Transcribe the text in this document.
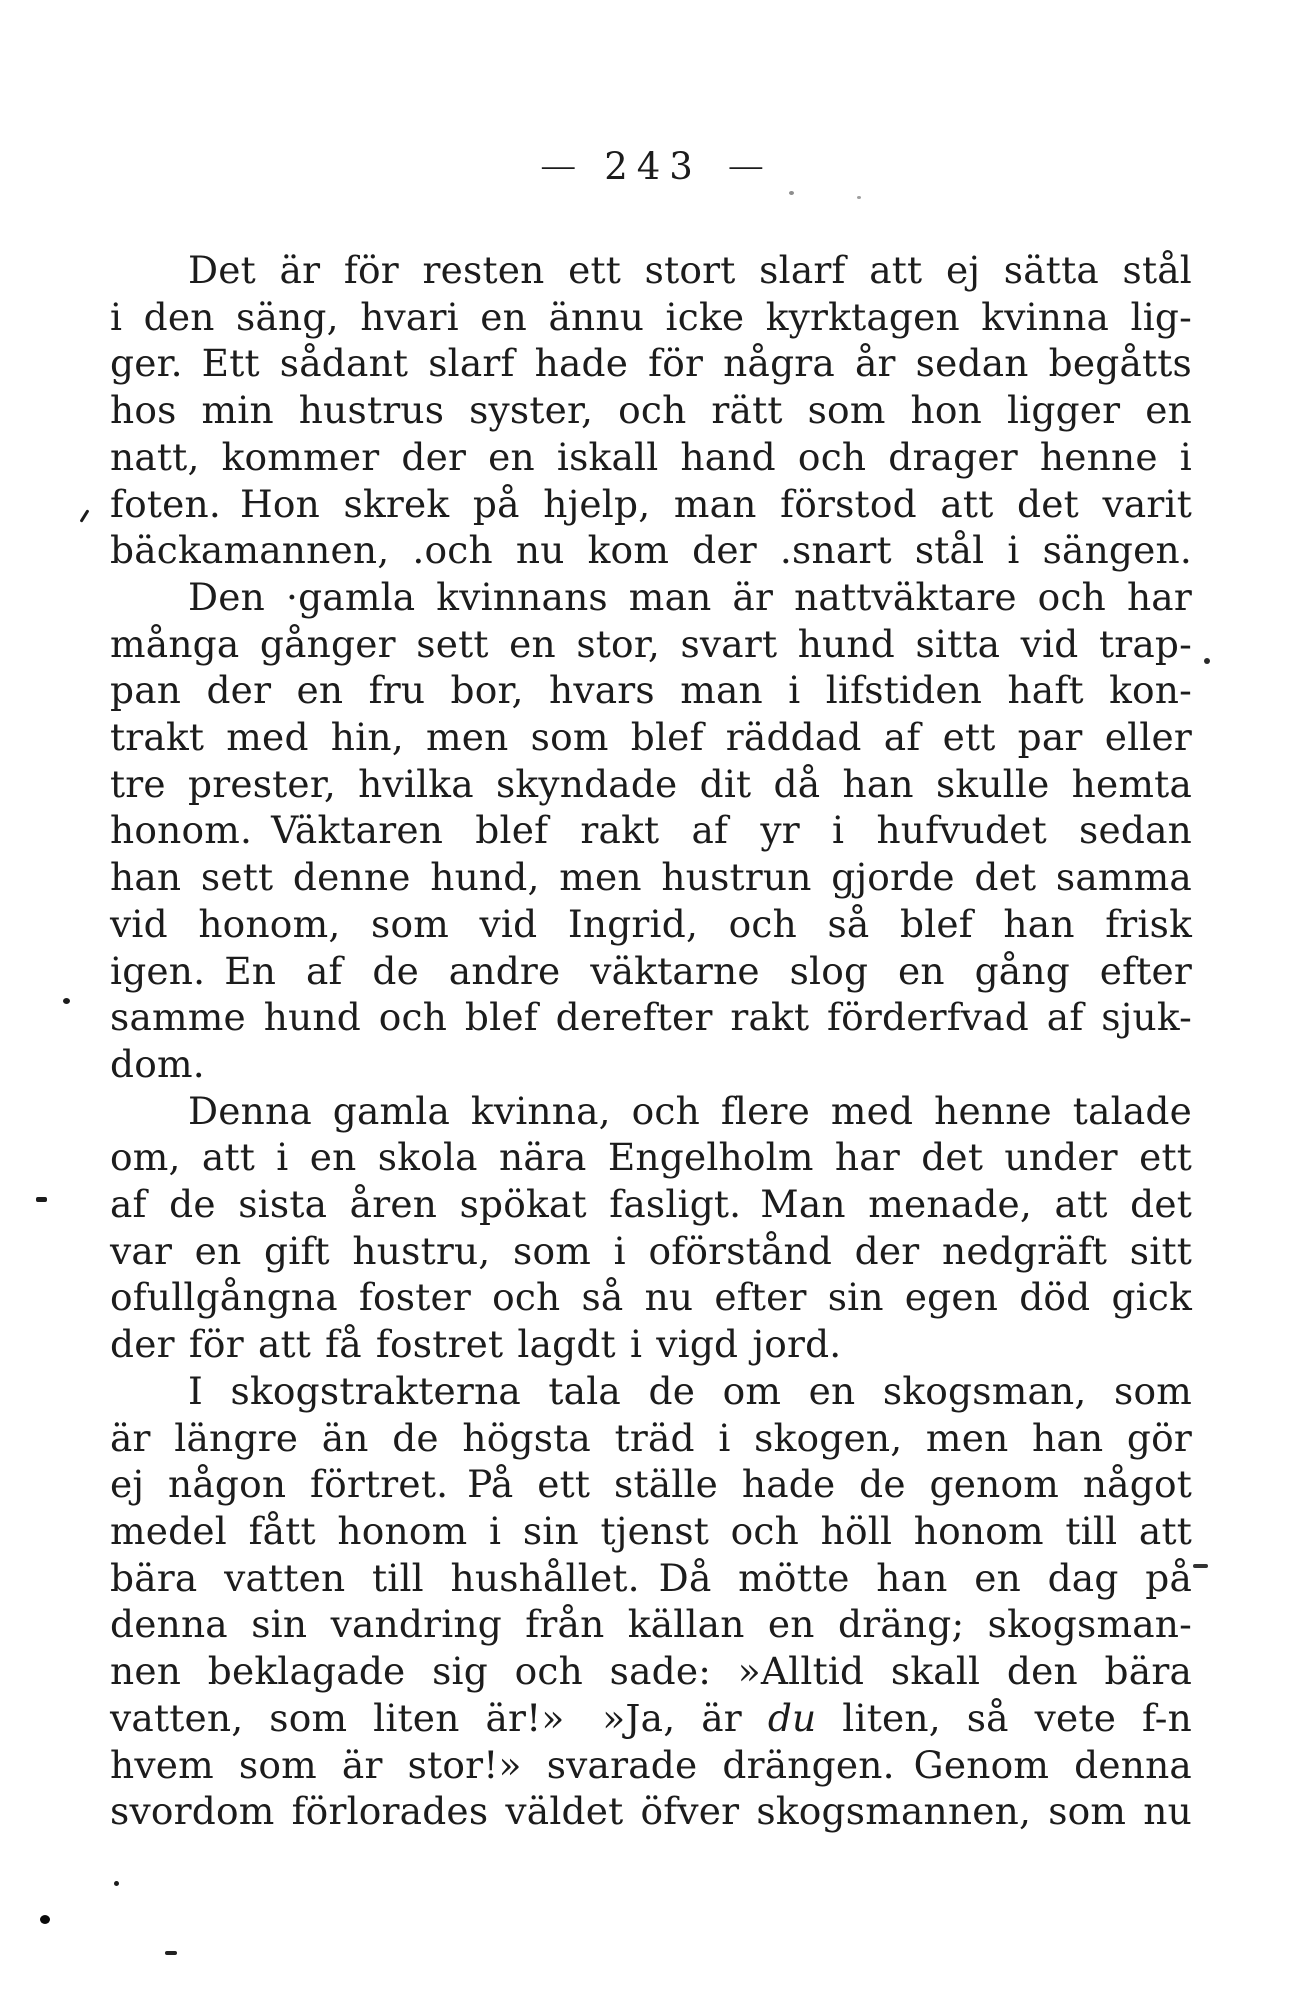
— 243 —
Det är för resten ett stort slarf att ej sätta stål
i den säng, hvari en ännu icke kyrktagen kvinna lig-
ger. Ett sådant slarf hade för några år sedan begåtts
hos min hustrus syster, och rätt som hon ligger en
natt, kommer der en iskall hand och drager henne i
foten. Hon skrek på hjelp, man förstod att det varit
bäckamannen, .och nu kom der .snart stål i sängen.
Den ·gamla kvinnans man är nattväktare och har
många gånger sett en stor, svart hund sitta vid trap-
pan der en fru bor, hvars man i lifstiden haft kon-
trakt med hin, men som blef räddad af ett par eller
tre prester, hvilka skyndade dit då han skulle hemta
honom. Väktaren blef rakt af yr i hufvudet sedan
han sett denne hund, men hustrun gjorde det samma
vid honom, som vid Ingrid, och så blef han frisk
igen. En af de andre väktarne slog en gång efter
samme hund och blef derefter rakt förderfvad af sjuk-
dom.
Denna gamla kvinna, och flere med henne talade
om, att i en skola nära Engelholm har det under ett
af de sista åren spökat fasligt. Man menade, att det
var en gift hustru, som i oförstånd der nedgräft sitt
ofullgångna foster och så nu efter sin egen död gick
der för att få fostret lagdt i vigd jord.
I skogstrakterna tala de om en skogsman, som
är längre än de högsta träd i skogen, men han gör
ej någon förtret. På ett ställe hade de genom något
medel fått honom i sin tjenst och höll honom till att
bära vatten till hushållet. Då mötte han en dag på
denna sin vandring från källan en dräng; skogsman-
nen beklagade sig och sade: »Alltid skall den bära
vatten, som liten är!» »Ja, är du liten, så vete f-n
hvem som är stor!» svarade drängen. Genom denna
svordom förlorades väldet öfver skogsmannen, som nu
